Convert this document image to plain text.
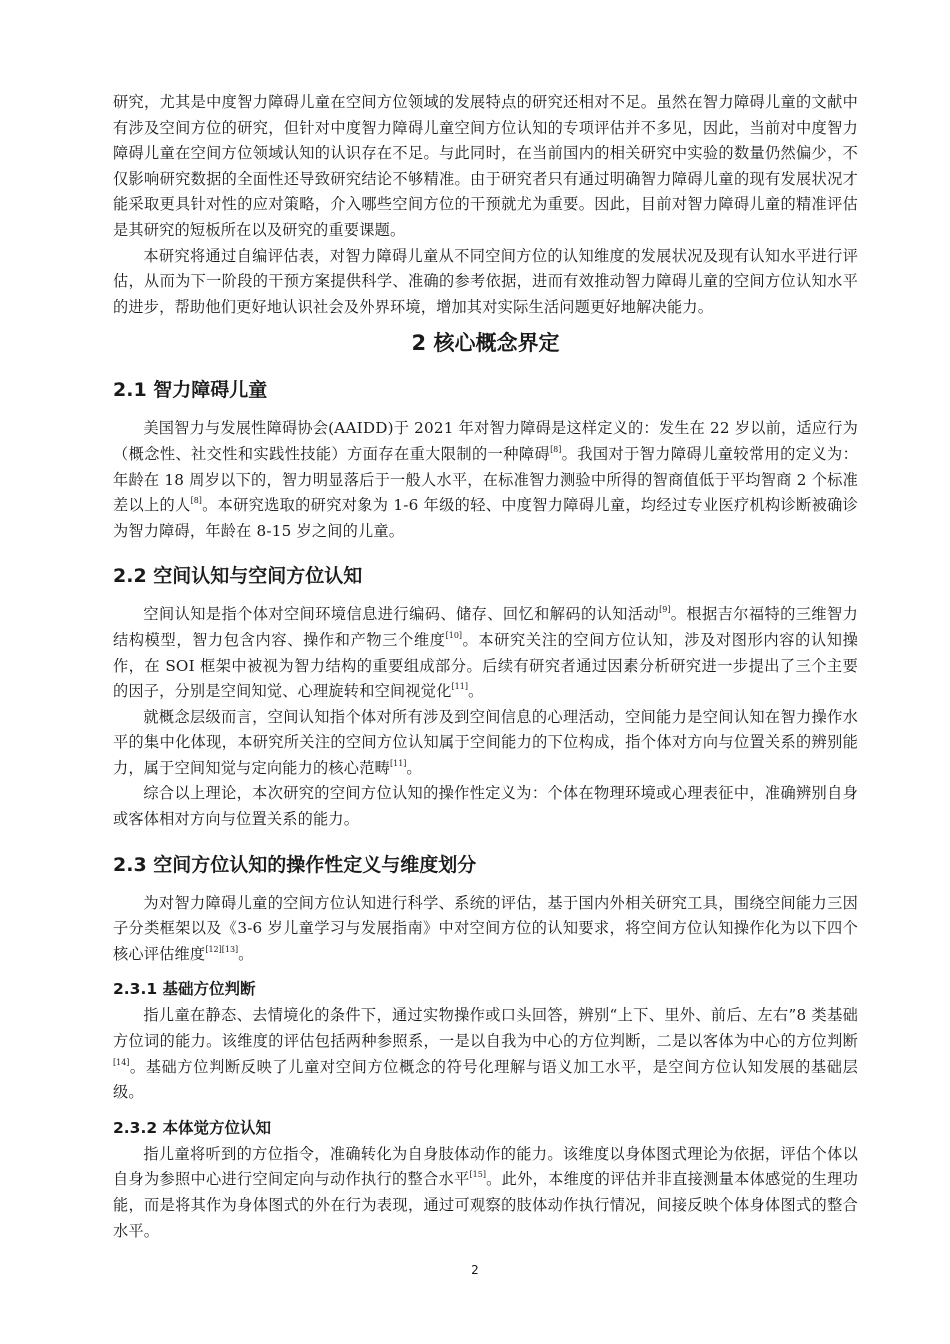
研究，尤其是中度智力障碍儿童在空间方位领域的发展特点的研究还相对不足。虽然在智力障碍儿童的文献中有涉及空间方位的研究，但针对中度智力障碍儿童空间方位认知的专项评估并不多见，因此，当前对中度智力障碍儿童在空间方位领域认知的认识存在不足。与此同时，在当前国内的相关研究中实验的数量仍然偏少，不仅影响研究数据的全面性还导致研究结论不够精准。由于研究者只有通过明确智力障碍儿童的现有发展状况才能采取更具针对性的应对策略，介入哪些空间方位的干预就尤为重要。因此，目前对智力障碍儿童的精准评估是其研究的短板所在以及研究的重要课题。

本研究将通过自编评估表，对智力障碍儿童从不同空间方位的认知维度的发展状况及现有认知水平进行评估，从而为下一阶段的干预方案提供科学、准确的参考依据，进而有效推动智力障碍儿童的空间方位认知水平的进步，帮助他们更好地认识社会及外界环境，增加其对实际生活问题更好地解决能力。

2 核心概念界定
2.1 智力障碍儿童

美国智力与发展性障碍协会(AAIDD)于 2021 年对智力障碍是这样定义的：发生在 22 岁以前，适应行为（概念性、社交性和实践性技能）方面存在重大限制的一种障碍[8]。我国对于智力障碍儿童较常用的定义为：年龄在 18 周岁以下的，智力明显落后于一般人水平，在标准智力测验中所得的智商值低于平均智商 2 个标准差以上的人[8]。本研究选取的研究对象为 1-6 年级的轻、中度智力障碍儿童，均经过专业医疗机构诊断被确诊为智力障碍，年龄在 8-15 岁之间的儿童。

2.2 空间认知与空间方位认知

空间认知是指个体对空间环境信息进行编码、储存、回忆和解码的认知活动[9]。根据吉尔福特的三维智力结构模型，智力包含内容、操作和产物三个维度[10]。本研究关注的空间方位认知，涉及对图形内容的认知操作，在 SOI 框架中被视为智力结构的重要组成部分。后续有研究者通过因素分析研究进一步提出了三个主要的因子，分别是空间知觉、心理旋转和空间视觉化[11]。

就概念层级而言，空间认知指个体对所有涉及到空间信息的心理活动，空间能力是空间认知在智力操作水平的集中化体现，本研究所关注的空间方位认知属于空间能力的下位构成，指个体对方向与位置关系的辨别能力，属于空间知觉与定向能力的核心范畴[11]。

综合以上理论，本次研究的空间方位认知的操作性定义为：个体在物理环境或心理表征中，准确辨别自身或客体相对方向与位置关系的能力。

2.3 空间方位认知的操作性定义与维度划分

为对智力障碍儿童的空间方位认知进行科学、系统的评估，基于国内外相关研究工具，围绕空间能力三因子分类框架以及《3-6 岁儿童学习与发展指南》中对空间方位的认知要求，将空间方位认知操作化为以下四个核心评估维度[12][13]。

2.3.1 基础方位判断

指儿童在静态、去情境化的条件下，通过实物操作或口头回答，辨别“上下、里外、前后、左右”8 类基础方位词的能力。该维度的评估包括两种参照系，一是以自我为中心的方位判断，二是以客体为中心的方位判断[14]。基础方位判断反映了儿童对空间方位概念的符号化理解与语义加工水平，是空间方位认知发展的基础层级。

2.3.2 本体觉方位认知

指儿童将听到的方位指令，准确转化为自身肢体动作的能力。该维度以身体图式理论为依据，评估个体以自身为参照中心进行空间定向与动作执行的整合水平[15]。此外，本维度的评估并非直接测量本体感觉的生理功能，而是将其作为身体图式的外在行为表现，通过可观察的肢体动作执行情况，间接反映个体身体图式的整合水平。

2
